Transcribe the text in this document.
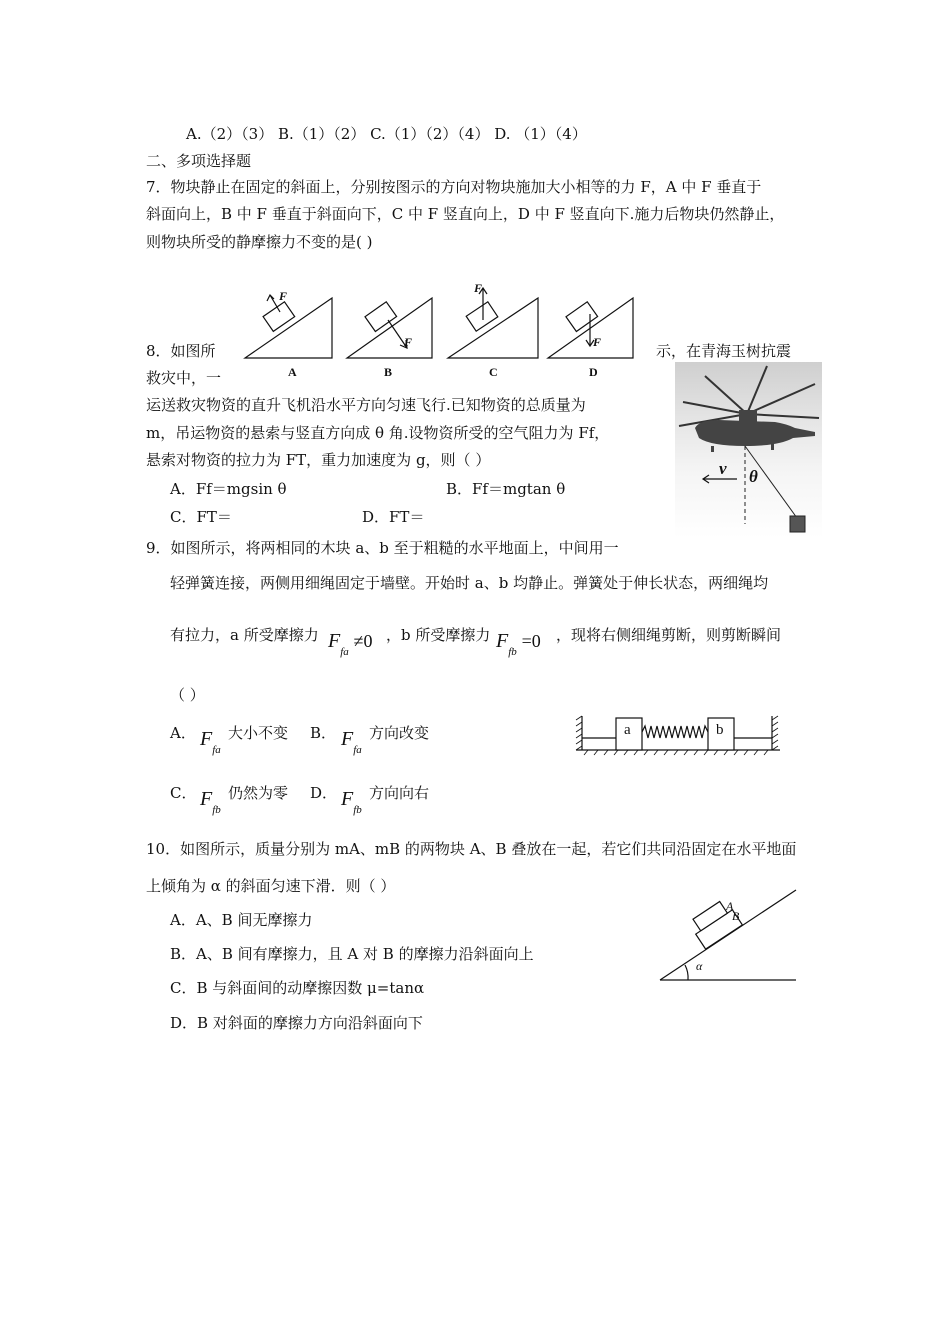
A.（2）（3） B.（1）（2） C.（1）（2）（4） D. （1）（4）
二、多项选择题
7．物块静止在固定的斜面上，分别按图示的方向对物块施加大小相等的力 F，A 中 F 垂直于
斜面向上，B 中 F 垂直于斜面向下，C 中 F 竖直向上，D 中 F 竖直向下.施力后物块仍然静止，
则物块所受的静摩擦力不变的是( )
F
F
F
F
A	B	C	D
8．如图所	示，在青海玉树抗震
救灾中，一
运送救灾物资的直升飞机沿水平方向匀速飞行.已知物资的总质量为
m，吊运物资的悬索与竖直方向成 θ 角.设物资所受的空气阻力为 Ff，
悬索对物资的拉力为 FT，重力加速度为 g，则（ ）
A．Ff＝mgsin θ	B．Ff＝mgtan θ
C．FT＝	D．FT＝
v θ
9．如图所示，将两相同的木块 a、b 至于粗糙的水平地面上，中间用一
轻弹簧连接，两侧用细绳固定于墙壁。开始时 a、b 均静止。弹簧处于伸长状态，两细绳均
有拉力，a 所受摩擦力 $F_{fa} \ne 0$ ，b 所受摩擦力 $F_{fb} =0$ ，现将右侧细绳剪断，则剪断瞬间
（ ）
A． $F_{fa}$
大小不变 B． $F_{fa}$
方向改变
C． $F_{fb}$
仍然为零 D． $F_{fb}$
方向向右
a	b
10．如图所示，质量分别为 mA、mB 的两物块 A、B 叠放在一起，若它们共同沿固定在水平地面
上倾角为 α 的斜面匀速下滑．则（ ）
A．A、B 间无摩擦力
B．A、B 间有摩擦力，且 A 对 B 的摩擦力沿斜面向上
C．B 与斜面间的动摩擦因数 μ=tanα
D．B 对斜面的摩擦力方向沿斜面向下
A
B
α
